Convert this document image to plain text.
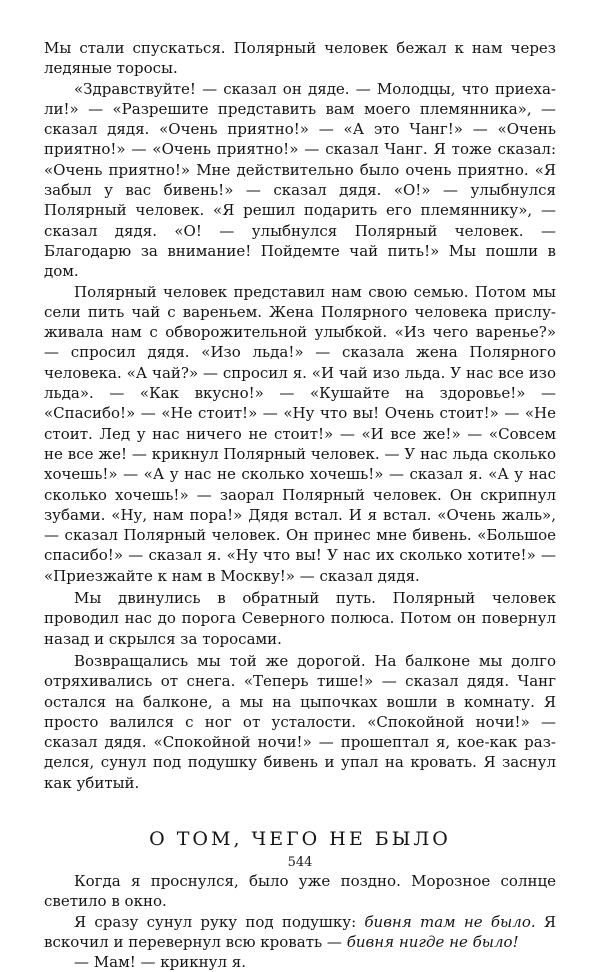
Мы стали спускаться. Полярный человек бежал к нам через ледяные торосы.

«Здравствуйте! — сказал он дяде. — Молодцы, что приехали!» — «Разрешите представить вам моего племянника», — сказал дядя. «Очень приятно!» — «А это Чанг!» — «Очень приятно!» — «Очень приятно!» — сказал Чанг. Я тоже сказал: «Очень приятно!» Мне действительно было очень приятно. «Я забыл у вас бивень!» — сказал дядя. «О!» — улыбнулся Полярный человек. «Я решил подарить его племяннику», — сказал дядя. «О! — улыбнулся Полярный человек. — Благодарю за внимание! Пойдемте чай пить!» Мы пошли в дом.

Полярный человек представил нам свою семью. Потом мы сели пить чай с вареньем. Жена Полярного человека прислуживала нам с обворожительной улыбкой. «Из чего варенье?» — спросил дядя. «Изо льда!» — сказала жена Полярного человека. «А чай?» — спросил я. «И чай изо льда. У нас все изо льда». — «Как вкусно!» — «Кушайте на здоровье!» — «Спасибо!» — «Не стоит!» — «Ну что вы! Очень стоит!» — «Не стоит. Лед у нас ничего не стоит!» — «И все же!» — «Совсем не все же! — крикнул Полярный человек. — У нас льда сколько хочешь!» — «А у нас не сколько хочешь!» — сказал я. «А у нас сколько хочешь!» — заорал Полярный человек. Он скрипнул зубами. «Ну, нам пора!» Дядя встал. И я встал. «Очень жаль», — сказал Полярный человек. Он принес мне бивень. «Большое спасибо!» — сказал я. «Ну что вы! У нас их сколько хотите!» — «Приезжайте к нам в Москву!» — сказал дядя.

Мы двинулись в обратный путь. Полярный человек проводил нас до порога Северного полюса. Потом он повернул назад и скрылся за торосами.

Возвращались мы той же дорогой. На балконе мы долго отряхивались от снега. «Теперь тише!» — сказал дядя. Чанг остался на балконе, а мы на цыпочках вошли в комнату. Я просто валился с ног от усталости. «Спокойной ночи!» — сказал дядя. «Спокойной ночи!» — прошептал я, кое-как разделся, сунул под подушку бивень и упал на кровать. Я заснул как убитый.

О ТОМ, ЧЕГО НЕ БЫЛО

Когда я проснулся, было уже поздно. Морозное солнце светило в окно.

Я сразу сунул руку под подушку: бивня там не было. Я вскочил и перевернул всю кровать — бивня нигде не было!

— Мам! — крикнул я.

544
